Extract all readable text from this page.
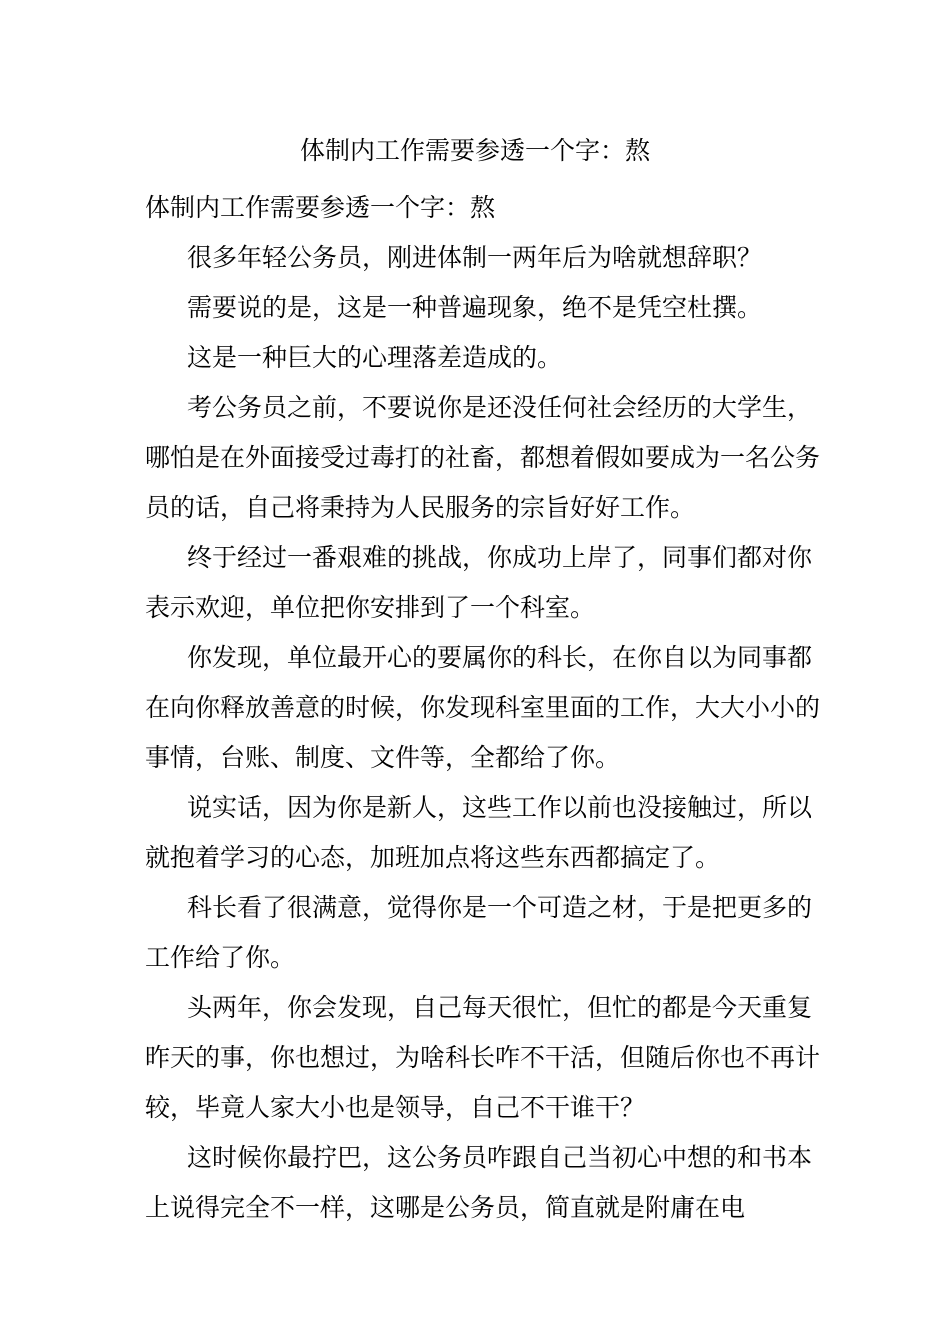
体制内工作需要参透一个字：熬

体制内工作需要参透一个字：熬

很多年轻公务员，刚进体制一两年后为啥就想辞职？

需要说的是，这是一种普遍现象，绝不是凭空杜撰。

这是一种巨大的心理落差造成的。

考公务员之前，不要说你是还没任何社会经历的大学生，哪怕是在外面接受过毒打的社畜，都想着假如要成为一名公务员的话，自己将秉持为人民服务的宗旨好好工作。

终于经过一番艰难的挑战，你成功上岸了，同事们都对你表示欢迎，单位把你安排到了一个科室。

你发现，单位最开心的要属你的科长，在你自以为同事都在向你释放善意的时候，你发现科室里面的工作，大大小小的事情，台账、制度、文件等，全都给了你。

说实话，因为你是新人，这些工作以前也没接触过，所以就抱着学习的心态，加班加点将这些东西都搞定了。

科长看了很满意，觉得你是一个可造之材，于是把更多的工作给了你。

头两年，你会发现，自己每天很忙，但忙的都是今天重复昨天的事，你也想过，为啥科长咋不干活，但随后你也不再计较，毕竟人家大小也是领导，自己不干谁干？

这时候你最拧巴，这公务员咋跟自己当初心中想的和书本上说得完全不一样，这哪是公务员，简直就是附庸在电
